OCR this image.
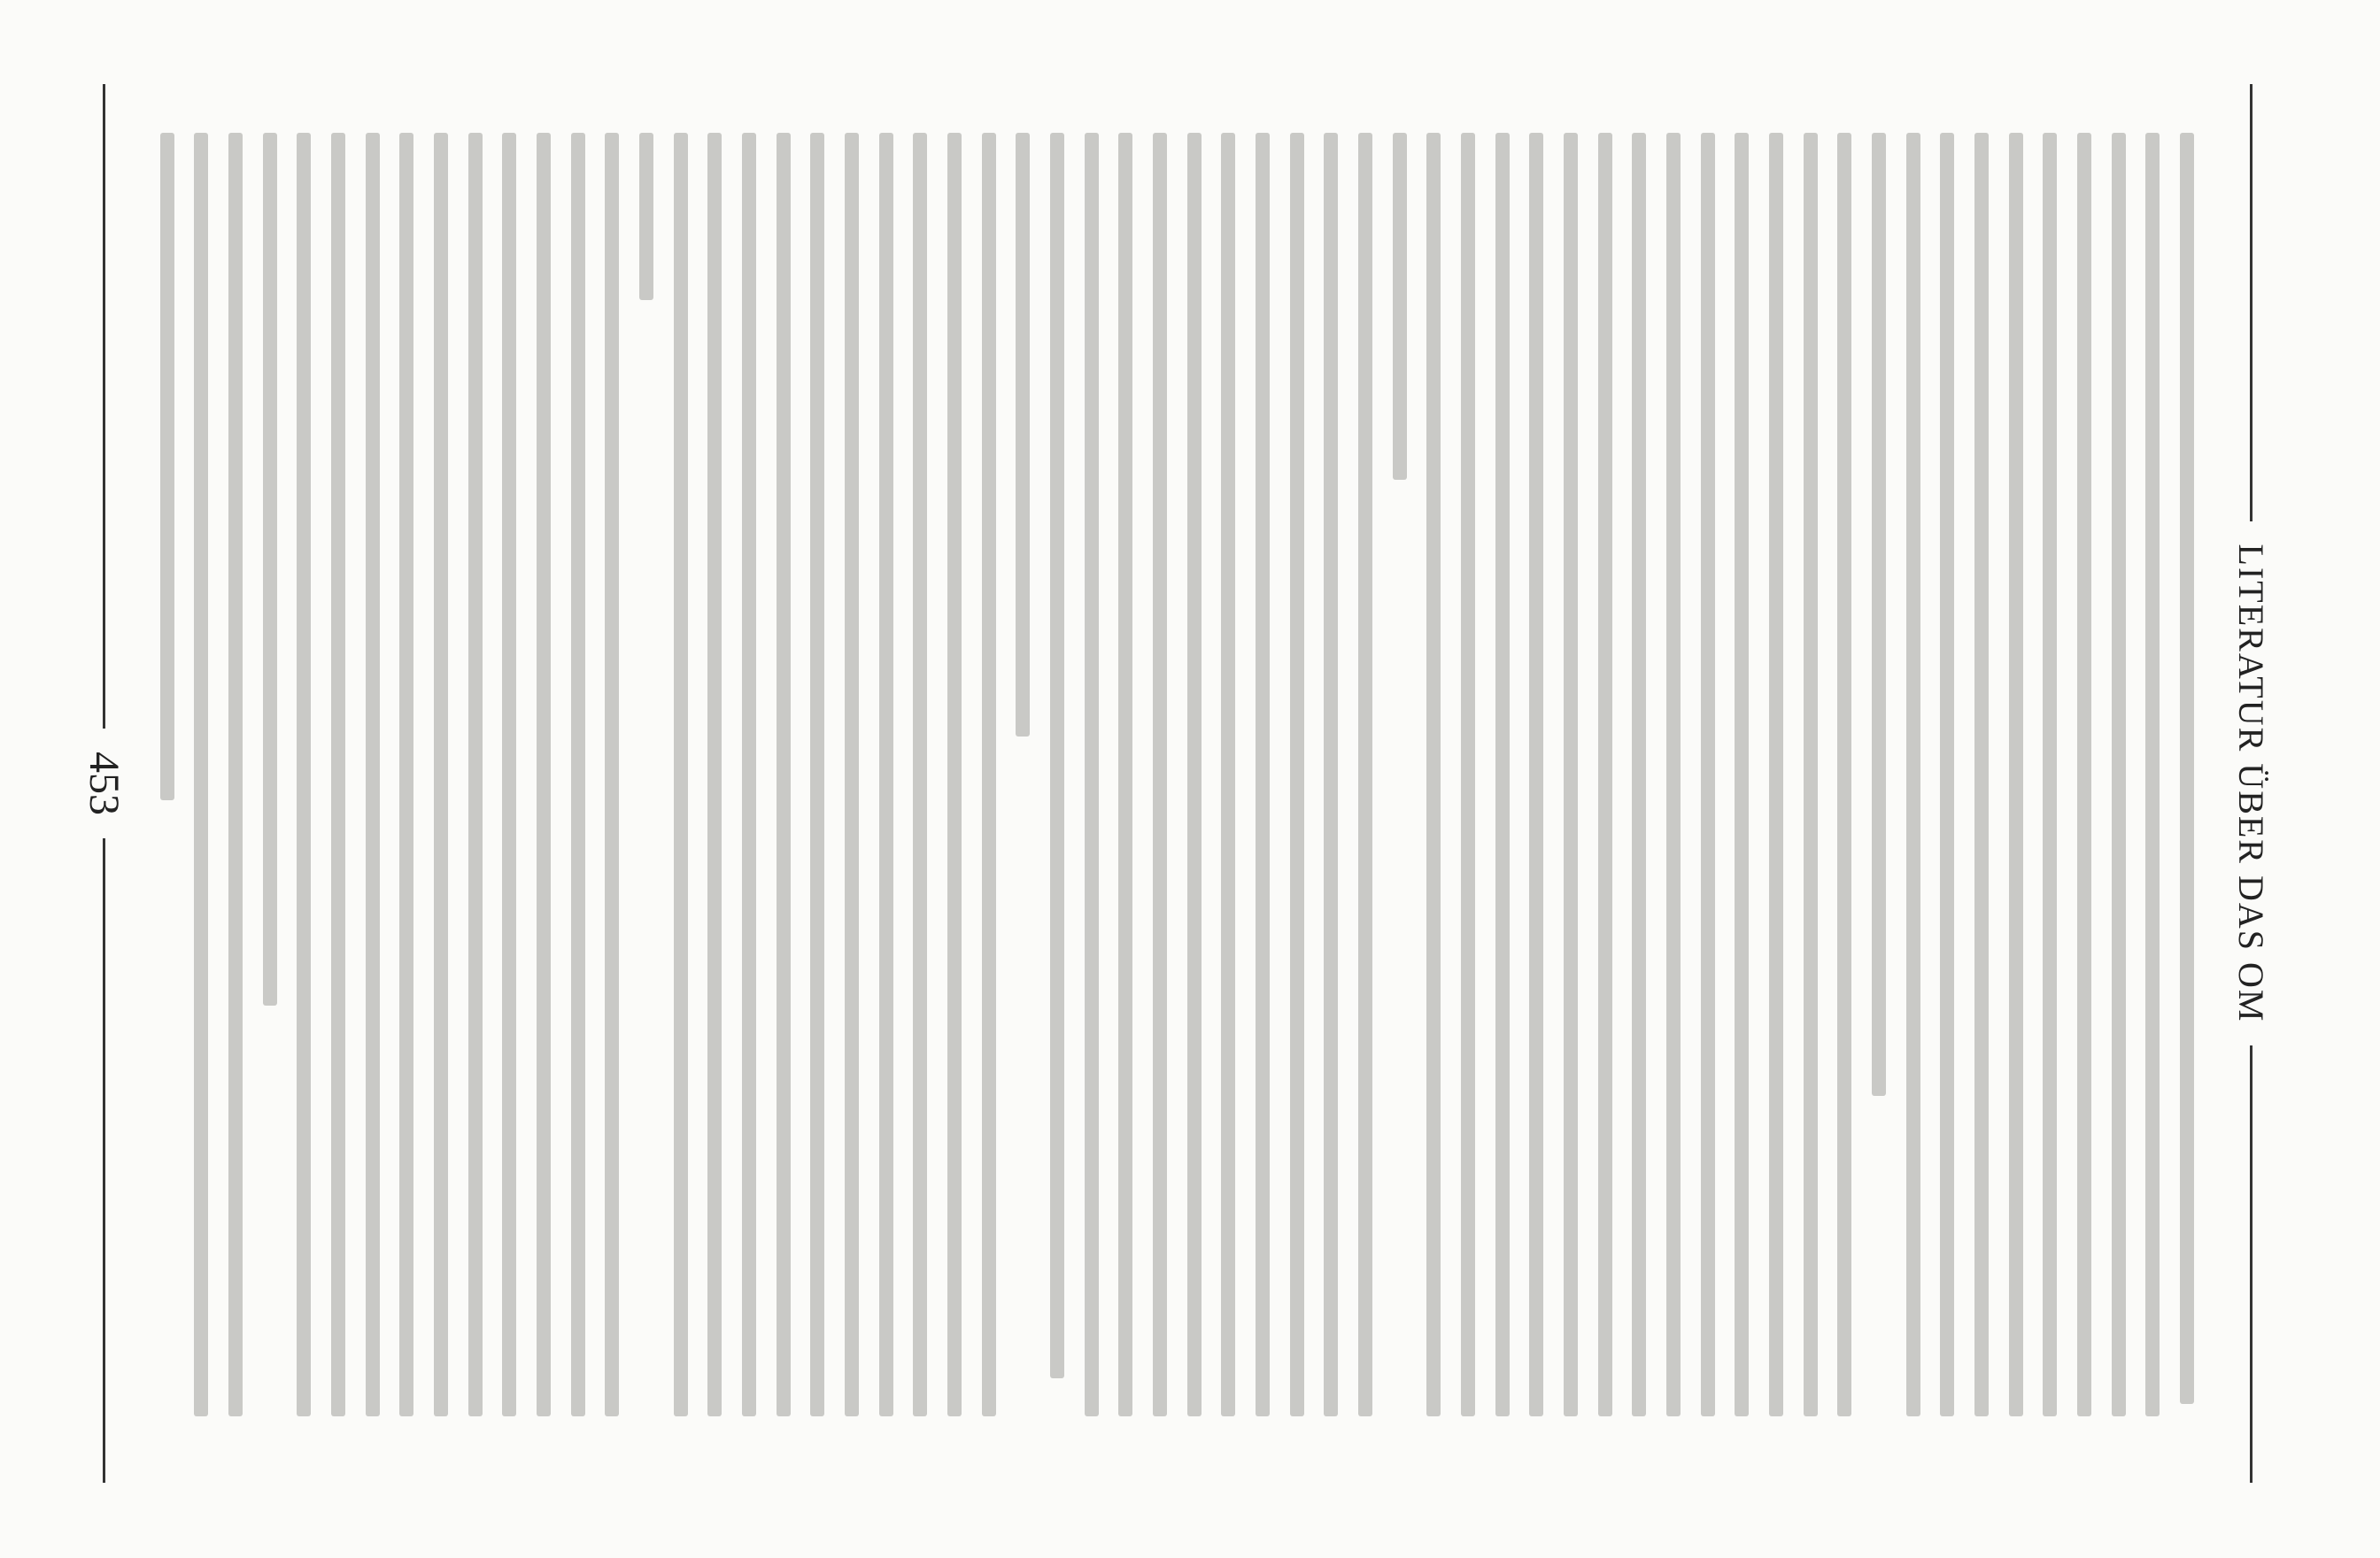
LITERATUR ÜBER DAS OM
453
